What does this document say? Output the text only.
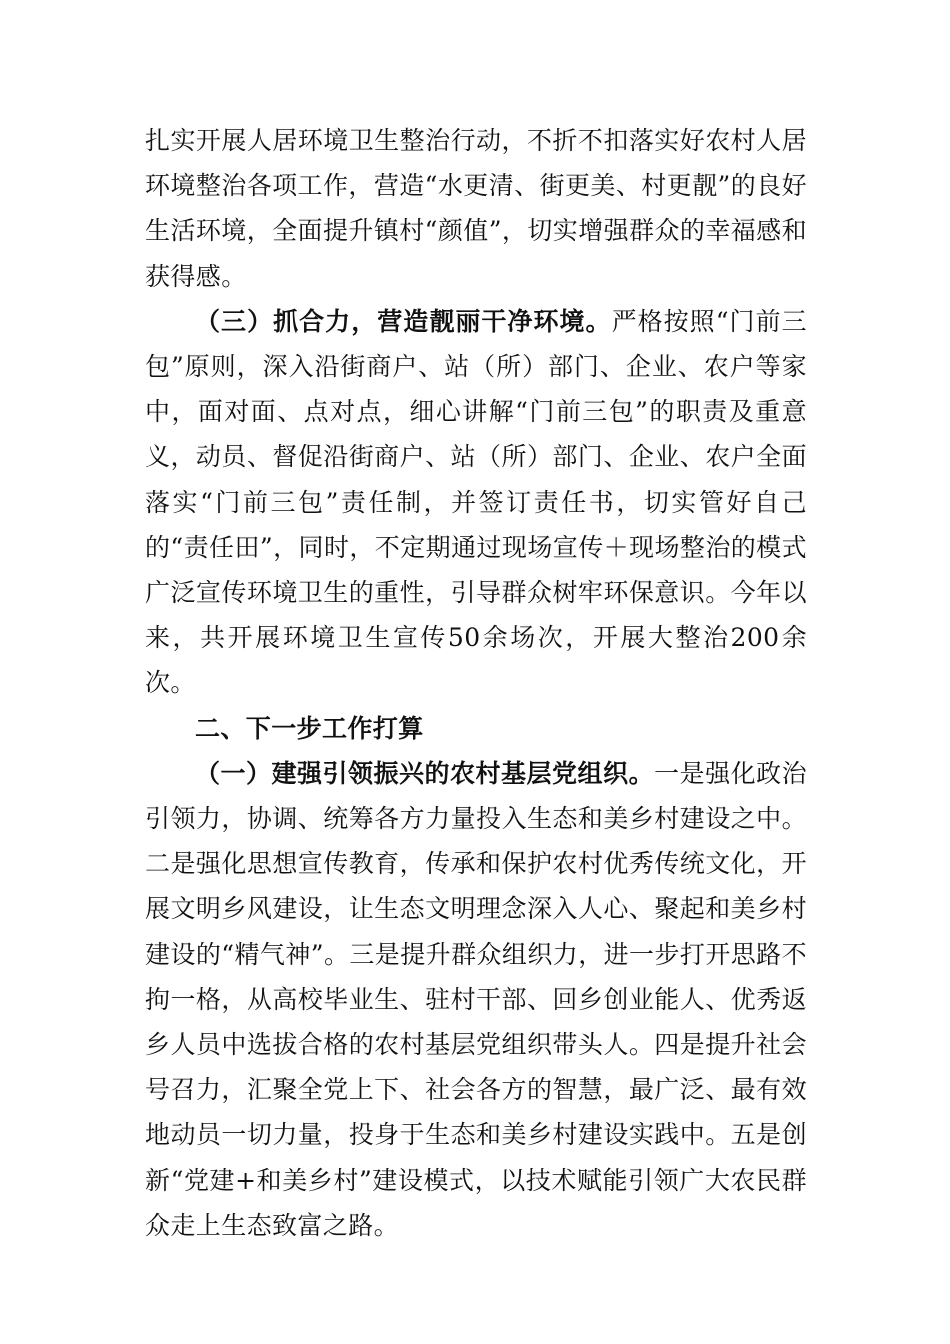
扎实开展人居环境卫生整治行动，不折不扣落实好农村人居环境整治各项工作，营造“水更清、街更美、村更靓”的良好生活环境，全面提升镇村“颜值”，切实增强群众的幸福感和获得感。

（三）抓合力，营造靓丽干净环境。严格按照“门前三包”原则，深入沿街商户、站（所）部门、企业、农户等家中，面对面、点对点，细心讲解“门前三包”的职责及重意义，动员、督促沿街商户、站（所）部门、企业、农户全面落实“门前三包”责任制，并签订责任书，切实管好自己的“责任田”，同时，不定期通过现场宣传＋现场整治的模式广泛宣传环境卫生的重性，引导群众树牢环保意识。今年以来，共开展环境卫生宣传50余场次，开展大整治200余次。

二、下一步工作打算

（一）建强引领振兴的农村基层党组织。一是强化政治引领力，协调、统筹各方力量投入生态和美乡村建设之中。二是强化思想宣传教育，传承和保护农村优秀传统文化，开展文明乡风建设，让生态文明理念深入人心、聚起和美乡村建设的“精气神”。三是提升群众组织力，进一步打开思路不拘一格，从高校毕业生、驻村干部、回乡创业能人、优秀返乡人员中选拔合格的农村基层党组织带头人。四是提升社会号召力，汇聚全党上下、社会各方的智慧，最广泛、最有效地动员一切力量，投身于生态和美乡村建设实践中。五是创新“党建+和美乡村”建设模式，以技术赋能引领广大农民群众走上生态致富之路。
